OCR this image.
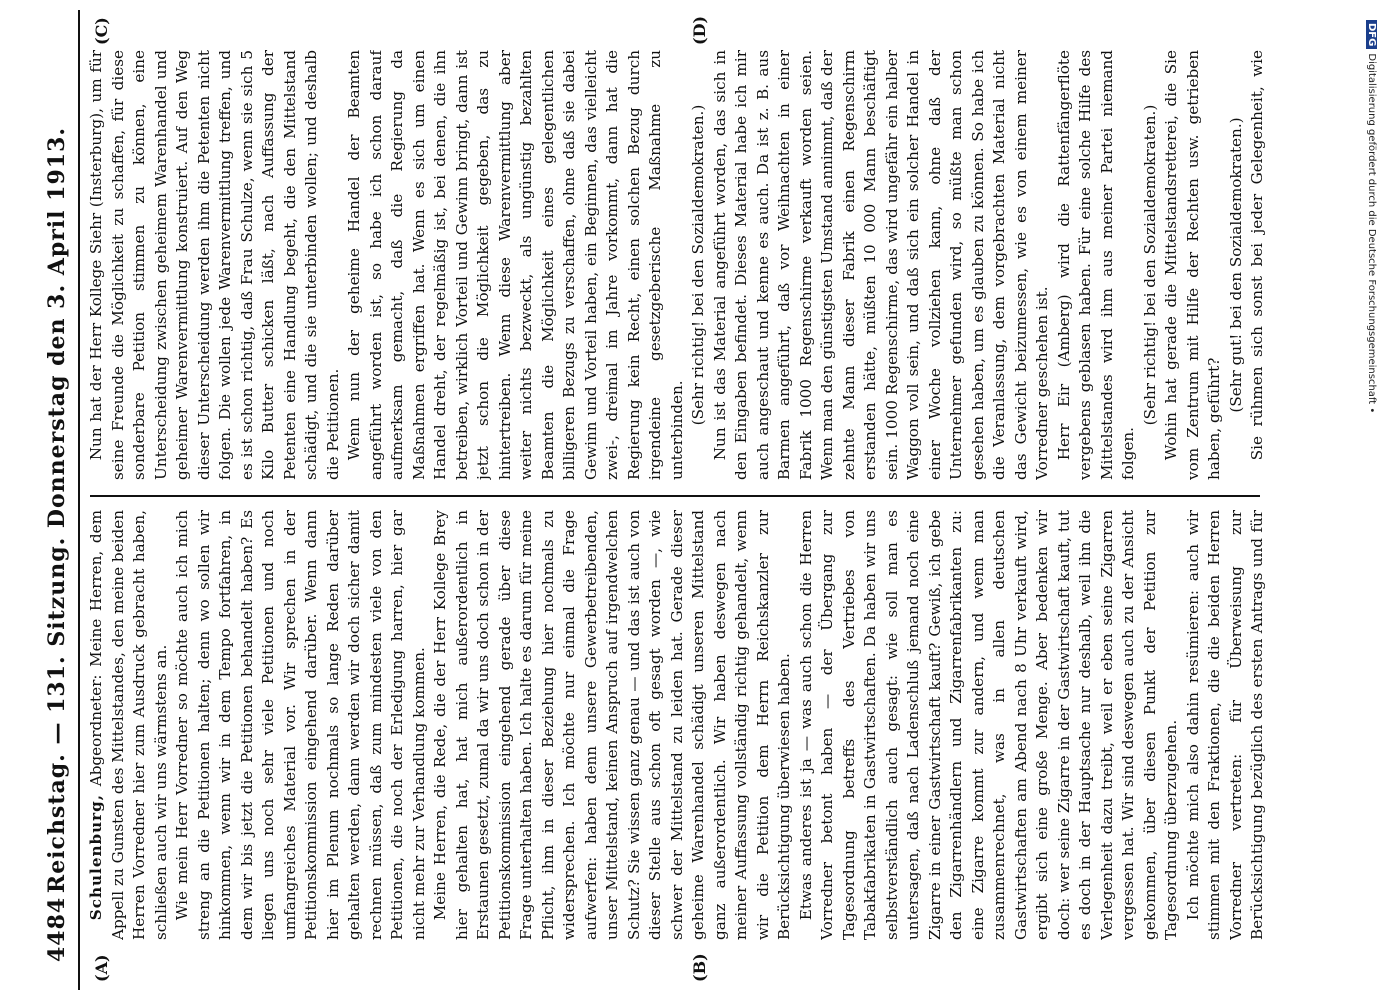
4484
Reichstag. — 131. Sitzung. Donnerstag den 3. April 1913.
(A)	(B)
(C)	(D)

Schulenburg, Abgeordneter: Meine Herren, dem Appell zu Gunsten des Mittelstandes, den meine beiden Herren Vorredner hier zum Ausdruck gebracht haben, schließen auch wir uns wärmstens an. Wie mein Herr Vorredner so möchte auch ich mich streng an die Petitionen halten; denn wo sollen wir hinkommen, wenn wir in dem Tempo fortfahren, in dem wir bis jetzt die Petitionen behandelt haben? Es liegen uns noch sehr viele Petitionen und noch umfangreiches Material vor. Wir sprechen in der Petitionskommission eingehend darüber. Wenn dann hier im Plenum nochmals so lange Reden darüber gehalten werden, dann werden wir doch sicher damit rechnen müssen, daß zum mindesten viele von den Petitionen, die noch der Erledigung harren, hier gar nicht mehr zur Verhandlung kommen. Meine Herren, die Rede, die der Herr Kollege Brey hier gehalten hat, hat mich außerordentlich in Erstaunen gesetzt, zumal da wir uns doch schon in der Petitionskommission eingehend gerade über diese Frage unterhalten haben. Ich halte es darum für meine Pflicht, ihm in dieser Beziehung hier nochmals zu widersprechen. Ich möchte nur einmal die Frage aufwerfen: haben denn unsere Gewerbetreibenden, unser Mittelstand, keinen Anspruch auf irgendwelchen Schutz? Sie wissen ganz genau — und das ist auch von dieser Stelle aus schon oft gesagt worden —, wie schwer der Mittelstand zu leiden hat. Gerade dieser geheime Warenhandel schädigt unseren Mittelstand ganz außerordentlich. Wir haben deswegen nach meiner Auffassung vollständig richtig gehandelt, wenn wir die Petition dem Herrn Reichskanzler zur Berücksichtigung überwiesen haben. Etwas anderes ist ja — was auch schon die Herren Vorredner betont haben — der Übergang zur Tagesordnung betreffs des Vertriebes von Tabakfabrikaten in Gastwirtschaften. Da haben wir uns selbstverständlich auch gesagt: wie soll man es untersagen, daß nach Ladenschluß jemand noch eine Zigarre in einer Gastwirtschaft kauft? Gewiß, ich gebe den Zigarrenhändlern und Zigarrenfabrikanten zu: eine Zigarre kommt zur andern, und wenn man zusammenrechnet, was in allen deutschen Gastwirtschaften am Abend nach 8 Uhr verkauft wird, ergibt sich eine große Menge. Aber bedenken wir doch: wer seine Zigarre in der Gastwirtschaft kauft, tut es doch in der Hauptsache nur deshalb, weil ihn die Verlegenheit dazu treibt, weil er eben seine Zigarren vergessen hat. Wir sind deswegen auch zu der Ansicht gekommen, über diesen Punkt der Petition zur Tagesordnung überzugehen. Ich möchte mich also dahin resümieren: auch wir stimmen mit den Fraktionen, die die beiden Herren Vorredner vertreten: für Überweisung zur Berücksichtigung bezüglich des ersten Antrags und für

Nun hat der Herr Kollege Siehr (Insterburg), um für seine Freunde die Möglichkeit zu schaffen, für diese sonderbare Petition stimmen zu können, eine Unterscheidung zwischen geheimem Warenhandel und geheimer Warenvermittlung konstruiert. Auf den Weg dieser Unterscheidung werden ihm die Petenten nicht folgen. Die wollen jede Warenvermittlung treffen, und es ist schon richtig, daß Frau Schulze, wenn sie sich 5 Kilo Butter schicken läßt, nach Auffassung der Petenten eine Handlung begeht, die den Mittelstand schädigt, und die sie unterbinden wollen; und deshalb die Petitionen. Wenn nun der geheime Handel der Beamten angeführt worden ist, so habe ich schon darauf aufmerksam gemacht, daß die Regierung da Maßnahmen ergriffen hat. Wenn es sich um einen Handel dreht, der regelmäßig ist, bei denen, die ihn betreiben, wirklich Vorteil und Gewinn bringt, dann ist jetzt schon die Möglichkeit gegeben, das zu hintertreiben. Wenn diese Warenvermittlung aber weiter nichts bezweckt, als ungünstig bezahlten Beamten die Möglichkeit eines gelegentlichen billigeren Bezugs zu verschaffen, ohne daß sie dabei Gewinn und Vorteil haben, ein Beginnen, das vielleicht zwei-, dreimal im Jahre vorkommt, dann hat die Regierung kein Recht, einen solchen Bezug durch irgendeine gesetzgeberische Maßnahme zu unterbinden.

(Sehr richtig! bei den Sozialdemokraten.) Nun ist das Material angeführt worden, das sich in den Eingaben befindet. Dieses Material habe ich mir auch angeschaut und kenne es auch. Da ist z. B. aus Barmen angeführt, daß vor Weihnachten in einer Fabrik 1000 Regenschirme verkauft worden seien. Wenn man den günstigsten Umstand annimmt, daß der zehnte Mann dieser Fabrik einen Regenschirm erstanden hätte, müßten 10 000 Mann beschäftigt sein. 1000 Regenschirme, das wird ungefähr ein halber Waggon voll sein, und daß sich ein solcher Handel in einer Woche vollziehen kann, ohne daß der Unternehmer gefunden wird, so müßte man schon gesehen haben, um es glauben zu können. So habe ich die Veranlassung, dem vorgebrachten Material nicht das Gewicht beizumessen, wie es von einem meiner Vorredner geschehen ist. Herr Eir (Amberg) wird die Rattenfängerflöte vergebens geblasen haben. Für eine solche Hilfe des Mittelstandes wird ihm aus meiner Partei niemand folgen.

(Sehr richtig! bei den Sozialdemokraten.) Wohin hat gerade die Mittelstandsretterei, die Sie vom Zentrum mit Hilfe der Rechten usw. getrieben haben, geführt?

(Sehr gut! bei den Sozialdemokraten.)

Sie rühmen sich sonst bei jeder Gelegenheit, wie

DFGDigitalisierung gefördert durch die Deutsche Forschungsgemeinschaft •
